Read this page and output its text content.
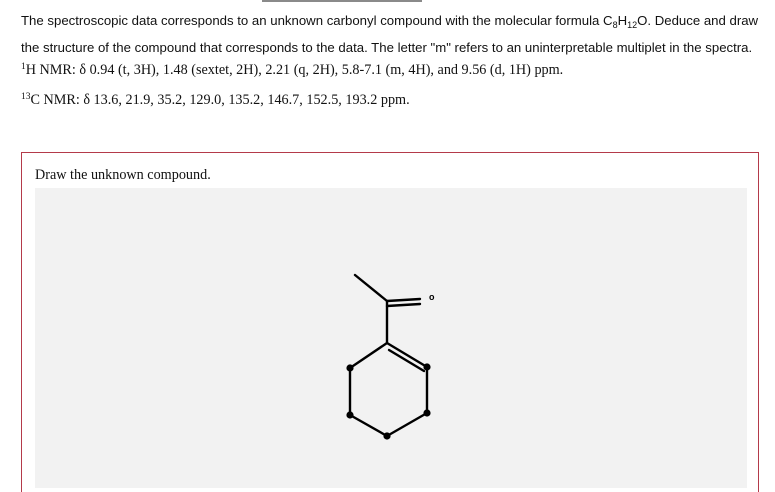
The spectroscopic data corresponds to an unknown carbonyl compound with the molecular formula $C_8H_{12}O$. Deduce and draw the structure of the compound that corresponds to the data. The letter "m" refers to an uninterpretable multiplet in the spectra.
$^1$H NMR: δ 0.94 (t, 3H), 1.48 (sextet, 2H), 2.21 (q, 2H), 5.8-7.1 (m, 4H), and 9.56 (d, 1H) ppm.
$^{13}$C NMR: δ 13.6, 21.9, 35.2, 129.0, 135.2, 146.7, 152.5, 193.2 ppm.
Draw the unknown compound.
o
